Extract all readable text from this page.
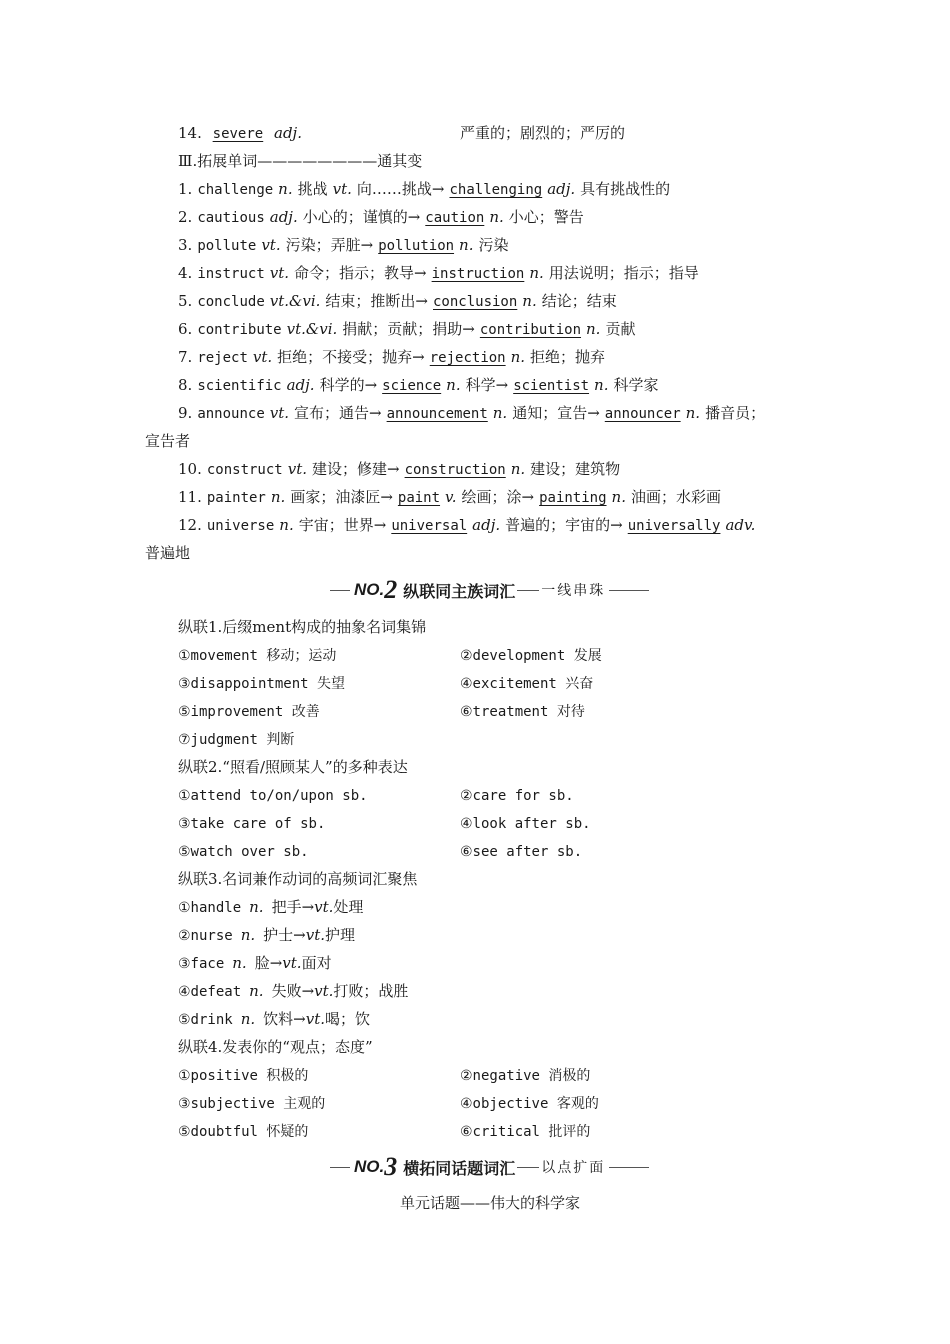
14. severe adj.	严重的；剧烈的；严厉的
Ⅲ.拓展单词————————通其变
1. challenge n. 挑战 vt. 向……挑战→ challenging adj. 具有挑战性的
2. cautious adj. 小心的；谨慎的→ caution n. 小心；警告
3. pollute vt. 污染；弄脏→ pollution n. 污染
4. instruct vt. 命令；指示；教导→ instruction n. 用法说明；指示；指导
5. conclude vt.&vi. 结束；推断出→ conclusion n. 结论；结束
6. contribute vt.&vi. 捐献；贡献；捐助→ contribution n. 贡献
7. reject vt. 拒绝；不接受；抛弃→ rejection n. 拒绝；抛弃
8. scientific adj. 科学的→ science n. 科学→ scientist n. 科学家
9. announce vt. 宣布；通告→ announcement n. 通知；宣告→ announcer n. 播音员；
宣告者
10. construct vt. 建设；修建→ construction n. 建设；建筑物
11. painter n. 画家；油漆匠→ paint v. 绘画；涂→ painting n. 油画；水彩画
12. universe n. 宇宙；世界→ universal adj. 普遍的；宇宙的→ universally adv.
普遍地
NO. 2 纵联同主族词汇 一线串珠
纵联1.后缀ment构成的抽象名词集锦
①movement 移动；运动	②development 发展
③disappointment 失望	④excitement 兴奋
⑤improvement 改善	⑥treatment 对待
⑦judgment 判断
纵联2.“照看/照顾某人”的多种表达
①attend to/on/upon sb.	②care for sb.
③take care of sb.	④look after sb.
⑤watch over sb.	⑥see after sb.
纵联3.名词兼作动词的高频词汇聚焦
①handle n. 把手→vt.处理
②nurse n. 护士→vt.护理
③face n. 脸→vt.面对
④defeat n. 失败→vt.打败；战胜
⑤drink n. 饮料→vt.喝；饮
纵联4.发表你的“观点；态度”
①positive 积极的	②negative 消极的
③subjective 主观的	④objective 客观的
⑤doubtful 怀疑的	⑥critical 批评的
NO. 3 横拓同话题词汇 以点扩面
单元话题——伟大的科学家
